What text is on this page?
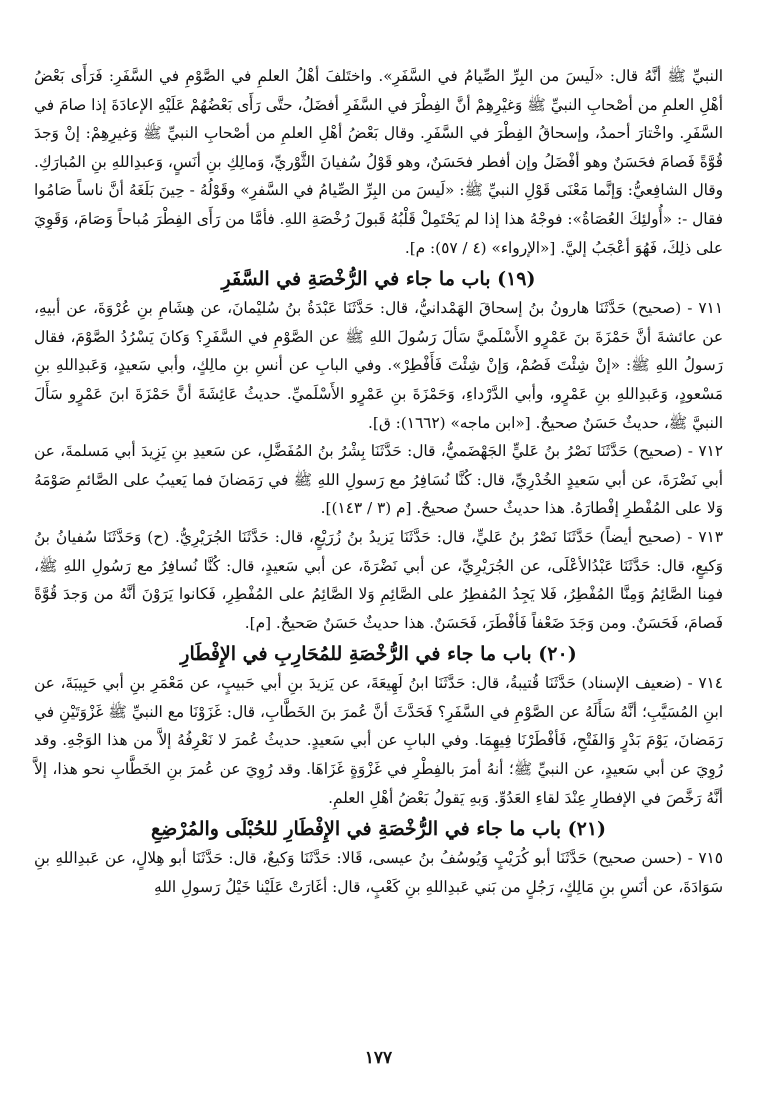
النبيِّ ﷺ أنَّهُ قال: «لَيسَ من البِرِّ الصِّيامُ في السَّفَرِ». واختَلفَ أهْلُ العلمِ في الصَّوْمِ في السَّفَرِ: فَرَأَى بَعْضُ أهْلِ العلمِ من أصْحابِ النبيِّ ﷺ وَغيْرِهِمْ أنَّ الفِطْرَ في السَّفَرِ أفضَلُ، حتَّى رَأَى بَعْضُهُمْ عَلَيْهِ الإعادَةَ إذا صامَ في السَّفَرِ. واخْتارَ أحمدُ، وإسحاقُ الفِطْرَ في السَّفَرِ. وقال بَعْضُ أهْلِ العلمِ من أصْحابِ النبيِّ ﷺ وَغيرِهِمْ: إنْ وَجدَ قُوَّةً فَصامَ فحَسَنٌ وهو أفْضَلُ وإن أفطر فحَسَنٌ، وهو قَوْلُ سُفيانَ الثَّوْريِّ، وَمالِكِ بنِ أنَسٍ، وَعبدِاللهِ بنِ المُبارَكِ. وقال الشافِعيُّ: وَإنَّما مَعْنَى قَوْلِ النبيِّ ﷺ: «لَيسَ من البِرِّ الصِّيامُ في السَّفرِ» وقَوْلُهُ - حِينَ بَلَغَهُ أنَّ ناساً صَامُوا فقال -: «أُولئِكَ العُصَاةُ»: فوجْهُ هذا إذا لم يَحْتَمِلْ قَلْبُهُ قَبولَ رُخْصَةِ اللهِ. فأمَّا من رَأَى الفِطْرَ مُباحاً وَصَامَ، وَقَوِيَ على ذلِكَ، فَهُوَ أعْجَبُ إليَّ. [«الإرواء» (٤ / ٥٧): م].

(١٩) باب ما جاء في الرُّخْصَةِ في السَّفَرِ

٧١١ - (صحيح) حَدَّثَنَا هارونُ بنُ إسحاقَ الهَمْدانيُّ، قال: حَدَّثَنَا عَبْدَةُ بنُ سُليْمانَ، عن هِشَامِ بنِ عُرْوَةَ، عن أبيهِ، عن عائشةَ أنَّ حَمْزَةَ بنَ عَمْرٍو الأَسْلَميَّ سَألَ رَسُولَ اللهِ ﷺ عن الصَّوْمِ في السَّفَرِ؟ وَكانَ يَسْرُدُ الصَّوْمَ، فقال رَسولُ اللهِ ﷺ: «إنْ شِئْتَ فَصُمْ، وَإنْ شِئْتَ فَأَفْطِرْ». وفي البابِ عن أنسِ بنِ مالِكٍ، وأبي سَعيدٍ، وَعَبدِاللهِ بنِ مَسْعودٍ، وَعَبدِاللهِ بنِ عَمْرٍو، وأبي الدَّرْداءِ، وَحَمْزَةَ بنِ عَمْرٍو الأَسْلَميِّ. حديثُ عَائِشَةَ أنَّ حَمْزَةَ ابنَ عَمْرٍو سَأَلَ النبيَّ ﷺ، حديثٌ حَسَنٌ صحيحٌ. [«ابن ماجه» (١٦٦٢): ق].

٧١٢ - (صحيح) حَدَّثَنَا نَصْرُ بنُ عَليٍّ الجَهْضَميُّ، قال: حَدَّثَنَا بِشْرُ بنُ المُفَضَّلِ، عن سَعيدِ بنِ يَزِيدَ أبي مَسلمةَ، عن أبي نَضْرَةَ، عن أبي سَعيدٍ الخُدْرِيِّ، قال: كُنَّا نُسَافِرُ مع رَسولِ اللهِ ﷺ في رَمَضانَ فما يَعيبُ على الصَّائمِ صَوْمَهُ وَلا على المُفْطرِ إفْطارَهُ. هذا حديثٌ حسنٌ صحيحٌ. [م (٣ / ١٤٣)].

٧١٣ - (صحيح أيضاً) حَدَّثَنَا نَصْرُ بنُ عَليٍّ، قال: حَدَّثَنَا يَزيدُ بنُ زُرَيْعٍ، قال: حَدَّثَنَا الجُرَيْرِيُّ. (ح) وَحَدَّثَنَا سُفيانُ بنُ وَكيعٍ، قال: حَدَّثَنَا عَبْدُالأعْلَى، عن الجُرَيْرِيِّ، عن أبي نَضْرَةَ، عن أبي سَعيدٍ، قال: كُنَّا نُسافِرُ مع رَسُولِ اللهِ ﷺ، فمِنا الصَّائِمُ وَمِنَّا المُفْطِرُ، فَلا يَجِدُ المُفطِرُ على الصَّائِمِ وَلا الصَّائِمُ على المُفْطِرِ، فَكانوا يَرَوْنَ أنَّهُ من وَجدَ قُوَّةً فَصامَ، فَحَسَنٌ. ومن وَجَدَ ضَعْفاً فَأفْطَرَ، فَحَسَنٌ. هذا حديثٌ حَسَنٌ صَحيحٌ. [م].

(٢٠) باب ما جاء في الرُّخْصَةِ للمُحَارِبِ في الإِفْطَارِ

٧١٤ - (ضعيف الإسناد) حَدَّثَنَا قُتيبةُ، قال: حَدَّثَنَا ابنُ لَهِيعَةَ، عن يَزيدَ بنِ أبي حَبيبٍ، عن مَعْمَرِ بنِ أبي حَبِيبَةَ، عن ابنِ المُسَيَّبِ؛ أنَّهُ سَأَلَهُ عن الصَّوْمِ في السَّفَرِ؟ فَحَدَّثَ أنَّ عُمرَ بنَ الخَطَّابِ، قال: غَزَوْنَا مع النبيِّ ﷺ غَزْوَتَيْنِ في رَمَضانَ، يَوْمَ بَدْرٍ وَالفَتْحِ، فَأفْطَرْنَا فِيهِمَا. وفي البابِ عن أبي سَعيدٍ. حديثُ عُمرَ لا نَعْرِفُهُ إلاَّ من هذا الوَجْهِ. وقد رُوِيَ عن أبي سَعيدٍ، عن النبيِّ ﷺ؛ أنهُ أمرَ بالفِطْرِ في غَزْوَةٍ غَزَاهَا. وقد رُوِيَ عن عُمرَ بنِ الخَطَّابِ نحو هذا، إلاَّ أنَّهُ رَخَّصَ في الإفطارِ عِنْدَ لقاءِ العَدُوِّ. وَبهِ يَقولُ بَعْضُ أهْلِ العلمِ.

(٢١) باب ما جاء في الرُّخْصَةِ في الإِفْطَارِ للحُبْلَى والمُرْضِعِ

٧١٥ - (حسن صحيح) حَدَّثَنَا أبو كُرَيْبٍ وَيُوسُفُ بنُ عيسى، قَالا: حَدَّثَنَا وَكيعٌ، قال: حَدَّثَنَا أبو هِلالٍ، عن عَبدِاللهِ بنِ سَوَادَةَ، عن أنَسِ بنِ مَالِكٍ، رَجُلٍ من بَني عَبدِاللهِ بنِ كَعْبٍ، قال: أغَارَتْ عَلَيْنا خَيْلُ رَسولِ اللهِ

١٧٧
